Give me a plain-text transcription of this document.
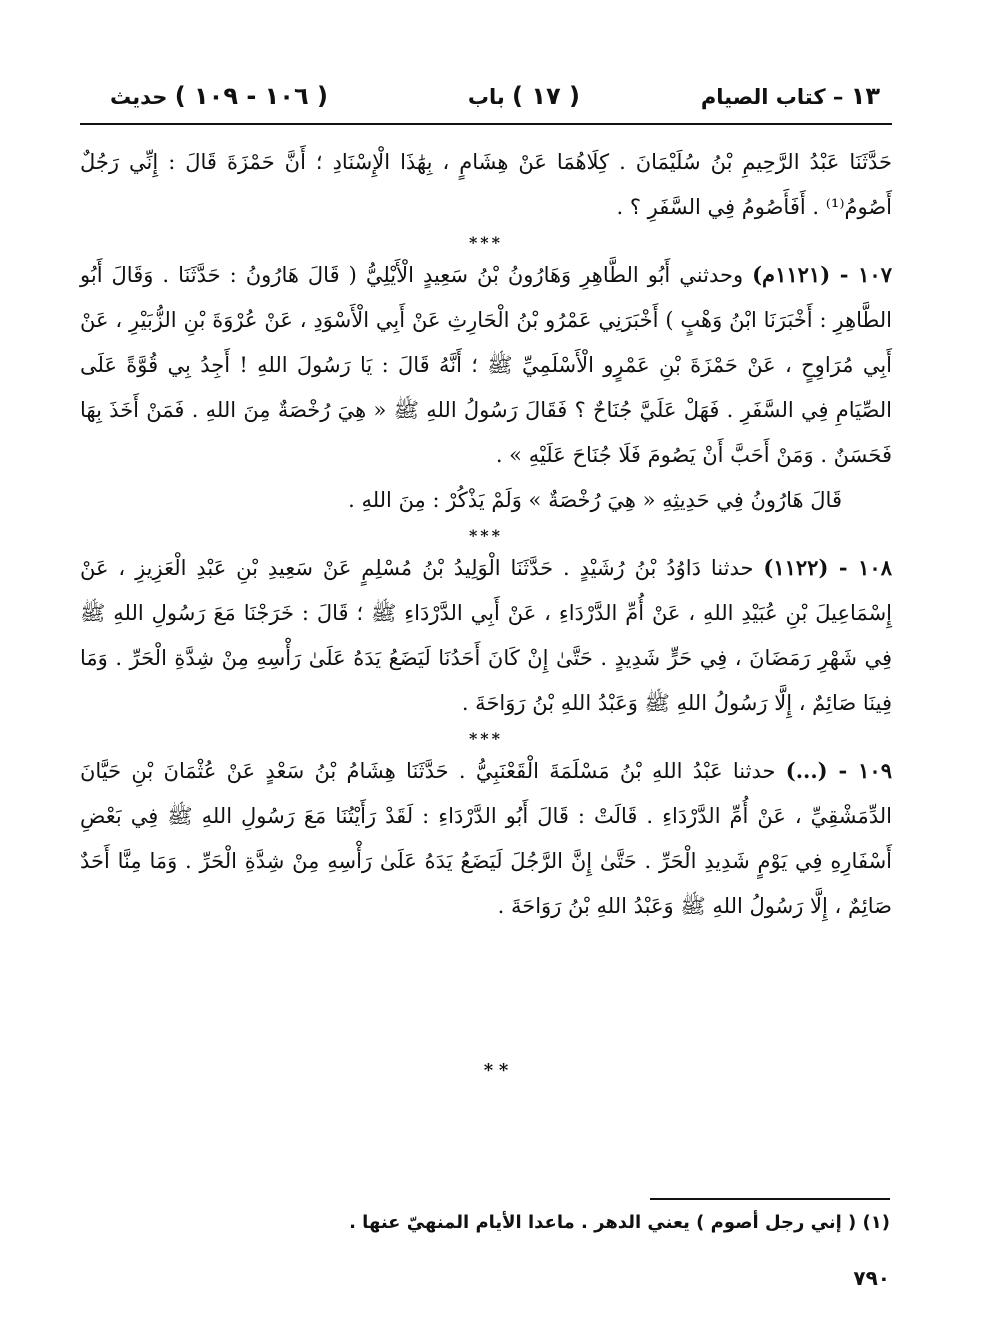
١٣ – كتاب الصيام
( ١٧ ) باب
( ١٠٦ - ١٠٩ ) حديث

حَدَّثَنَا عَبْدُ الرَّحِيمِ بْنُ سُلَيْمَانَ . كِلَاهُمَا عَنْ هِشَامٍ ، بِهَٰذَا الْإِسْنَادِ ؛ أَنَّ حَمْزَةَ قَالَ : إِنِّي رَجُلٌ أَصُومُ⁽¹⁾ . أَفَأَصُومُ فِي السَّفَرِ ؟ .

***

١٠٧ - (١١٢١م) وحدثني أَبُو الطَّاهِرِ وَهَارُونُ بْنُ سَعِيدٍ الْأَيْلِيُّ ( قَالَ هَارُونُ : حَدَّثَنَا . وَقَالَ أَبُو الطَّاهِرِ : أَخْبَرَنَا ابْنُ وَهْبٍ ) أَخْبَرَنِي عَمْرُو بْنُ الْحَارِثِ عَنْ أَبِي الْأَسْوَدِ ، عَنْ عُرْوَةَ بْنِ الزُّبَيْرِ ، عَنْ أَبِي مُرَاوِحٍ ، عَنْ حَمْزَةَ بْنِ عَمْرٍو الْأَسْلَمِيِّ ﷺ ؛ أَنَّهُ قَالَ : يَا رَسُولَ اللهِ ! أَجِدُ بِي قُوَّةً عَلَى الصِّيَامِ فِي السَّفَرِ . فَهَلْ عَلَيَّ جُنَاحٌ ؟ فَقَالَ رَسُولُ اللهِ ﷺ « هِيَ رُخْصَةٌ مِنَ اللهِ . فَمَنْ أَخَذَ بِهَا فَحَسَنٌ . وَمَنْ أَحَبَّ أَنْ يَصُومَ فَلَا جُنَاحَ عَلَيْهِ » .

قَالَ هَارُونُ فِي حَدِيثِهِ « هِيَ رُخْصَةٌ » وَلَمْ يَذْكُرْ : مِنَ اللهِ .

***

١٠٨ - (١١٢٢) حدثنا دَاوُدُ بْنُ رُشَيْدٍ . حَدَّثَنَا الْوَلِيدُ بْنُ مُسْلِمٍ عَنْ سَعِيدِ بْنِ عَبْدِ الْعَزِيزِ ، عَنْ إِسْمَاعِيلَ بْنِ عُبَيْدِ اللهِ ، عَنْ أُمِّ الدَّرْدَاءِ ، عَنْ أَبِي الدَّرْدَاءِ ﷺ ؛ قَالَ : خَرَجْنَا مَعَ رَسُولِ اللهِ ﷺ فِي شَهْرِ رَمَضَانَ ، فِي حَرٍّ شَدِيدٍ . حَتَّىٰ إِنْ كَانَ أَحَدُنَا لَيَضَعُ يَدَهُ عَلَىٰ رَأْسِهِ مِنْ شِدَّةِ الْحَرِّ . وَمَا فِينَا صَائِمٌ ، إِلَّا رَسُولُ اللهِ ﷺ وَعَبْدُ اللهِ بْنُ رَوَاحَةَ .

***

١٠٩ - (...) حدثنا عَبْدُ اللهِ بْنُ مَسْلَمَةَ الْقَعْنَبِيُّ . حَدَّثَنَا هِشَامُ بْنُ سَعْدٍ عَنْ عُثْمَانَ بْنِ حَيَّانَ الدِّمَشْقِيِّ ، عَنْ أُمِّ الدَّرْدَاءِ . قَالَتْ : قَالَ أَبُو الدَّرْدَاءِ : لَقَدْ رَأَيْتُنَا مَعَ رَسُولِ اللهِ ﷺ فِي بَعْضِ أَسْفَارِهِ فِي يَوْمٍ شَدِيدِ الْحَرِّ . حَتَّىٰ إِنَّ الرَّجُلَ لَيَضَعُ يَدَهُ عَلَىٰ رَأْسِهِ مِنْ شِدَّةِ الْحَرِّ . وَمَا مِنَّا أَحَدٌ صَائِمٌ ، إِلَّا رَسُولُ اللهِ ﷺ وَعَبْدُ اللهِ بْنُ رَوَاحَةَ .

* *
(١) ( إني رجل أصوم ) يعني الدهر . ماعدا الأيام المنهيّ عنها .
٧٩٠
